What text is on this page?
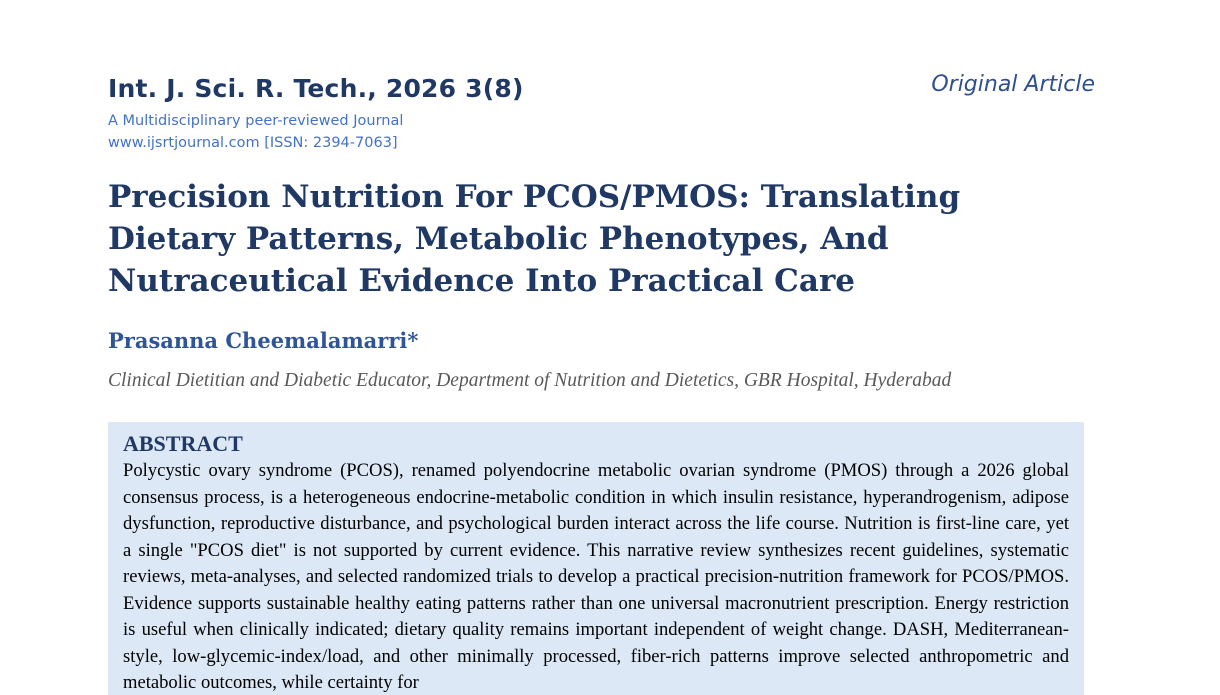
Int. J. Sci. R. Tech., 2026 3(8)	Original Article
A Multidisciplinary peer-reviewed Journal
www.ijsrtjournal.com [ISSN: 2394-7063]
Precision Nutrition For PCOS/PMOS: Translating Dietary Patterns, Metabolic Phenotypes, And Nutraceutical Evidence Into Practical Care
Prasanna Cheemalamarri*
Clinical Dietitian and Diabetic Educator, Department of Nutrition and Dietetics, GBR Hospital, Hyderabad
ABSTRACT

Polycystic ovary syndrome (PCOS), renamed polyendocrine metabolic ovarian syndrome (PMOS) through a 2026 global consensus process, is a heterogeneous endocrine-metabolic condition in which insulin resistance, hyperandrogenism, adipose dysfunction, reproductive disturbance, and psychological burden interact across the life course. Nutrition is first-line care, yet a single "PCOS diet" is not supported by current evidence. This narrative review synthesizes recent guidelines, systematic reviews, meta-analyses, and selected randomized trials to develop a practical precision-nutrition framework for PCOS/PMOS. Evidence supports sustainable healthy eating patterns rather than one universal macronutrient prescription. Energy restriction is useful when clinically indicated; dietary quality remains important independent of weight change. DASH, Mediterranean-style, low-glycemic-index/load, and other minimally processed, fiber-rich patterns improve selected anthropometric and metabolic outcomes, while certainty for
